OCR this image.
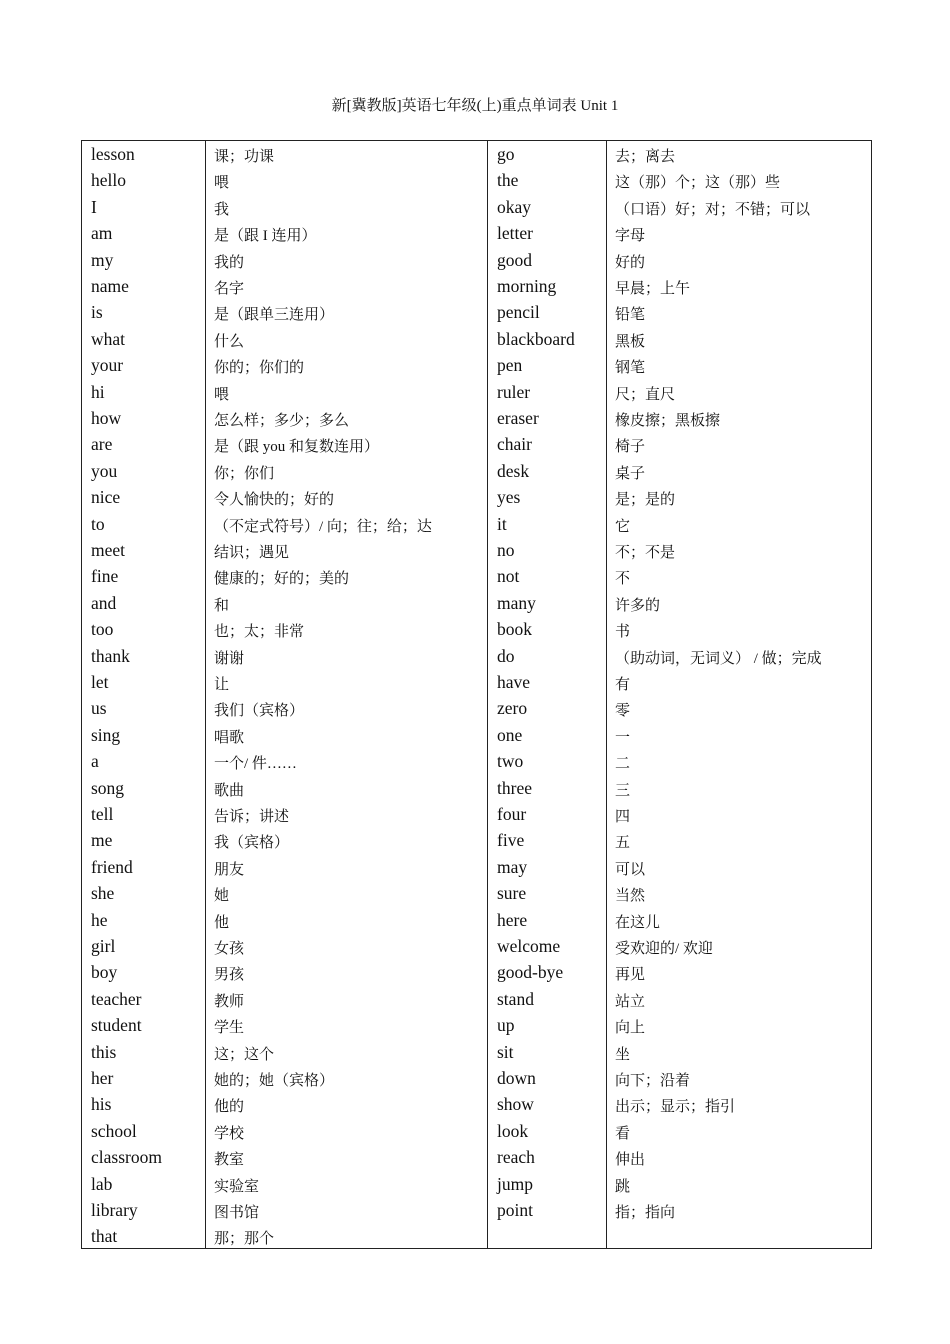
新[冀教版]英语七年级(上)重点单词表 Unit 1
lesson
hello
I
am
my
name
is
what
your
hi
how
are
you
nice
to
meet
fine
and
too
thank
let
us
sing
a
song
tell
me
friend
she
he
girl
boy
teacher
student
this
her
his
school
classroom
lab
library
that
课；功课
喂
我
是（跟 I 连用）
我的
名字
是（跟单三连用）
什么
你的；你们的
喂
怎么样；多少；多么
是（跟 you 和复数连用）
你；你们
令人愉快的；好的
（不定式符号）/ 向；往；给；达
结识；遇见
健康的；好的；美的
和
也；太；非常
谢谢
让
我们（宾格）
唱歌
一个/ 件……
歌曲
告诉；讲述
我（宾格）
朋友
她
他
女孩
男孩
教师
学生
这；这个
她的；她（宾格）
他的
学校
教室
实验室
图书馆
那；那个
go
the
okay
letter
good
morning
pencil
blackboard
pen
ruler
eraser
chair
desk
yes
it
no
not
many
book
do
have
zero
one
two
three
four
five
may
sure
here
welcome
good-bye
stand
up
sit
down
show
look
reach
jump
point
去；离去
这（那）个；这（那）些
（口语）好；对；不错；可以
字母
好的
早晨；上午
铅笔
黑板
钢笔
尺；直尺
橡皮擦；黑板擦
椅子
桌子
是；是的
它
不；不是
不
许多的
书
（助动词，无词义） / 做；完成
有
零
一
二
三
四
五
可以
当然
在这儿
受欢迎的/ 欢迎
再见
站立
向上
坐
向下；沿着
出示；显示；指引
看
伸出
跳
指；指向
